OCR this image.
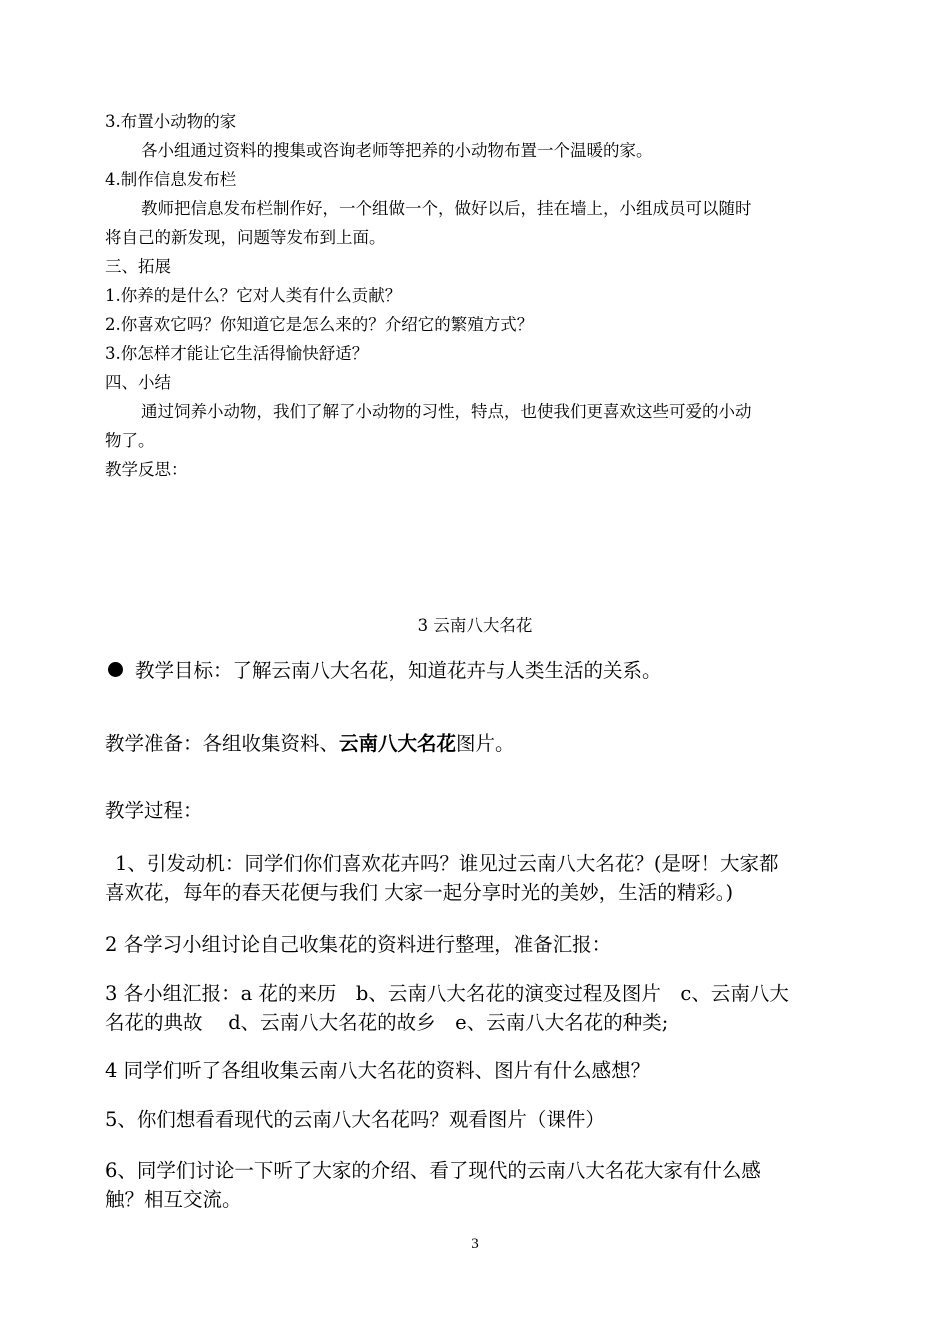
3.布置小动物的家
各小组通过资料的搜集或咨询老师等把养的小动物布置一个温暖的家。
4.制作信息发布栏
教师把信息发布栏制作好，一个组做一个，做好以后，挂在墙上，小组成员可以随时
将自己的新发现，问题等发布到上面。
三、拓展
1.你养的是什么？它对人类有什么贡献？
2.你喜欢它吗？你知道它是怎么来的？介绍它的繁殖方式？
3.你怎样才能让它生活得愉快舒适？
四、小结
通过饲养小动物，我们了解了小动物的习性，特点，也使我们更喜欢这些可爱的小动
物了。
教学反思：
3 云南八大名花
教学目标：了解云南八大名花，知道花卉与人类生活的关系。
教学准备：各组收集资料、云南八大名花图片。
教学过程：
1、引发动机：同学们你们喜欢花卉吗？谁见过云南八大名花？(是呀！大家都
喜欢花，每年的春天花便与我们 大家一起分享时光的美妙，生活的精彩。)
2 各学习小组讨论自己收集花的资料进行整理，准备汇报：
3 各小组汇报：a 花的来历　b、云南八大名花的演变过程及图片　c、云南八大
名花的典故　 d、云南八大名花的故乡　e、云南八大名花的种类;
4 同学们听了各组收集云南八大名花的资料、图片有什么感想？
5、你们想看看现代的云南八大名花吗？观看图片（课件）
6、同学们讨论一下听了大家的介绍、看了现代的云南八大名花大家有什么感
触？相互交流。
3
